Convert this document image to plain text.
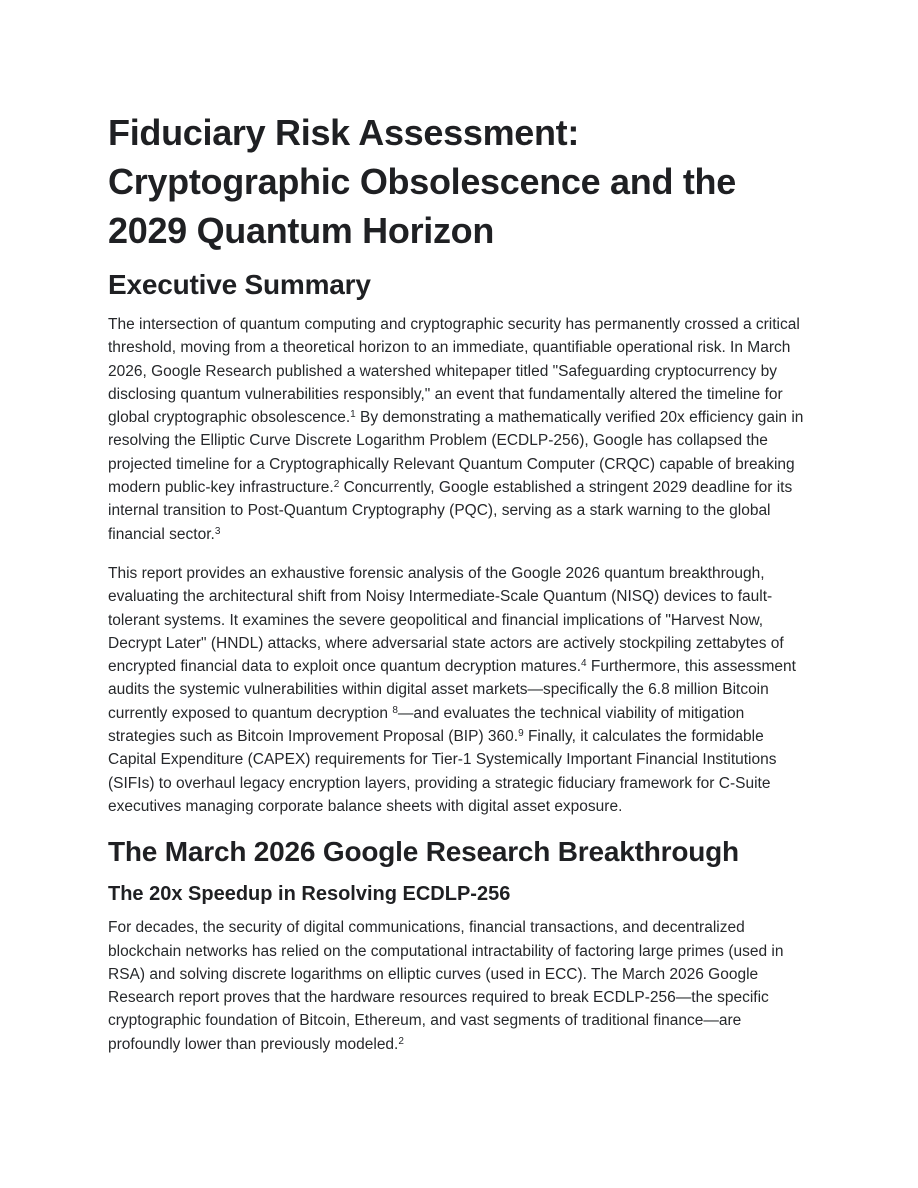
Fiduciary Risk Assessment:
Cryptographic Obsolescence and the
2029 Quantum Horizon
Executive Summary

The intersection of quantum computing and cryptographic security has permanently crossed a critical threshold, moving from a theoretical horizon to an immediate, quantifiable operational risk. In March 2026, Google Research published a watershed whitepaper titled "Safeguarding cryptocurrency by disclosing quantum vulnerabilities responsibly," an event that fundamentally altered the timeline for global cryptographic obsolescence.$^1$ By demonstrating a mathematically verified 20x efficiency gain in resolving the Elliptic Curve Discrete Logarithm Problem (ECDLP-256), Google has collapsed the projected timeline for a Cryptographically Relevant Quantum Computer (CRQC) capable of breaking modern public-key infrastructure.$^2$ Concurrently, Google established a stringent 2029 deadline for its internal transition to Post-Quantum Cryptography (PQC), serving as a stark warning to the global financial sector.$^3$

This report provides an exhaustive forensic analysis of the Google 2026 quantum breakthrough, evaluating the architectural shift from Noisy Intermediate-Scale Quantum (NISQ) devices to fault-tolerant systems. It examines the severe geopolitical and financial implications of "Harvest Now, Decrypt Later" (HNDL) attacks, where adversarial state actors are actively stockpiling zettabytes of encrypted financial data to exploit once quantum decryption matures.$^4$ Furthermore, this assessment audits the systemic vulnerabilities within digital asset markets—specifically the 6.8 million Bitcoin currently exposed to quantum decryption $^8$—and evaluates the technical viability of mitigation strategies such as Bitcoin Improvement Proposal (BIP) 360.$^9$ Finally, it calculates the formidable Capital Expenditure (CAPEX) requirements for Tier-1 Systemically Important Financial Institutions (SIFIs) to overhaul legacy encryption layers, providing a strategic fiduciary framework for C-Suite executives managing corporate balance sheets with digital asset exposure.

The March 2026 Google Research Breakthrough
The 20x Speedup in Resolving ECDLP-256

For decades, the security of digital communications, financial transactions, and decentralized blockchain networks has relied on the computational intractability of factoring large primes (used in RSA) and solving discrete logarithms on elliptic curves (used in ECC). The March 2026 Google Research report proves that the hardware resources required to break ECDLP-256—the specific cryptographic foundation of Bitcoin, Ethereum, and vast segments of traditional finance—are profoundly lower than previously modeled.$^2$
